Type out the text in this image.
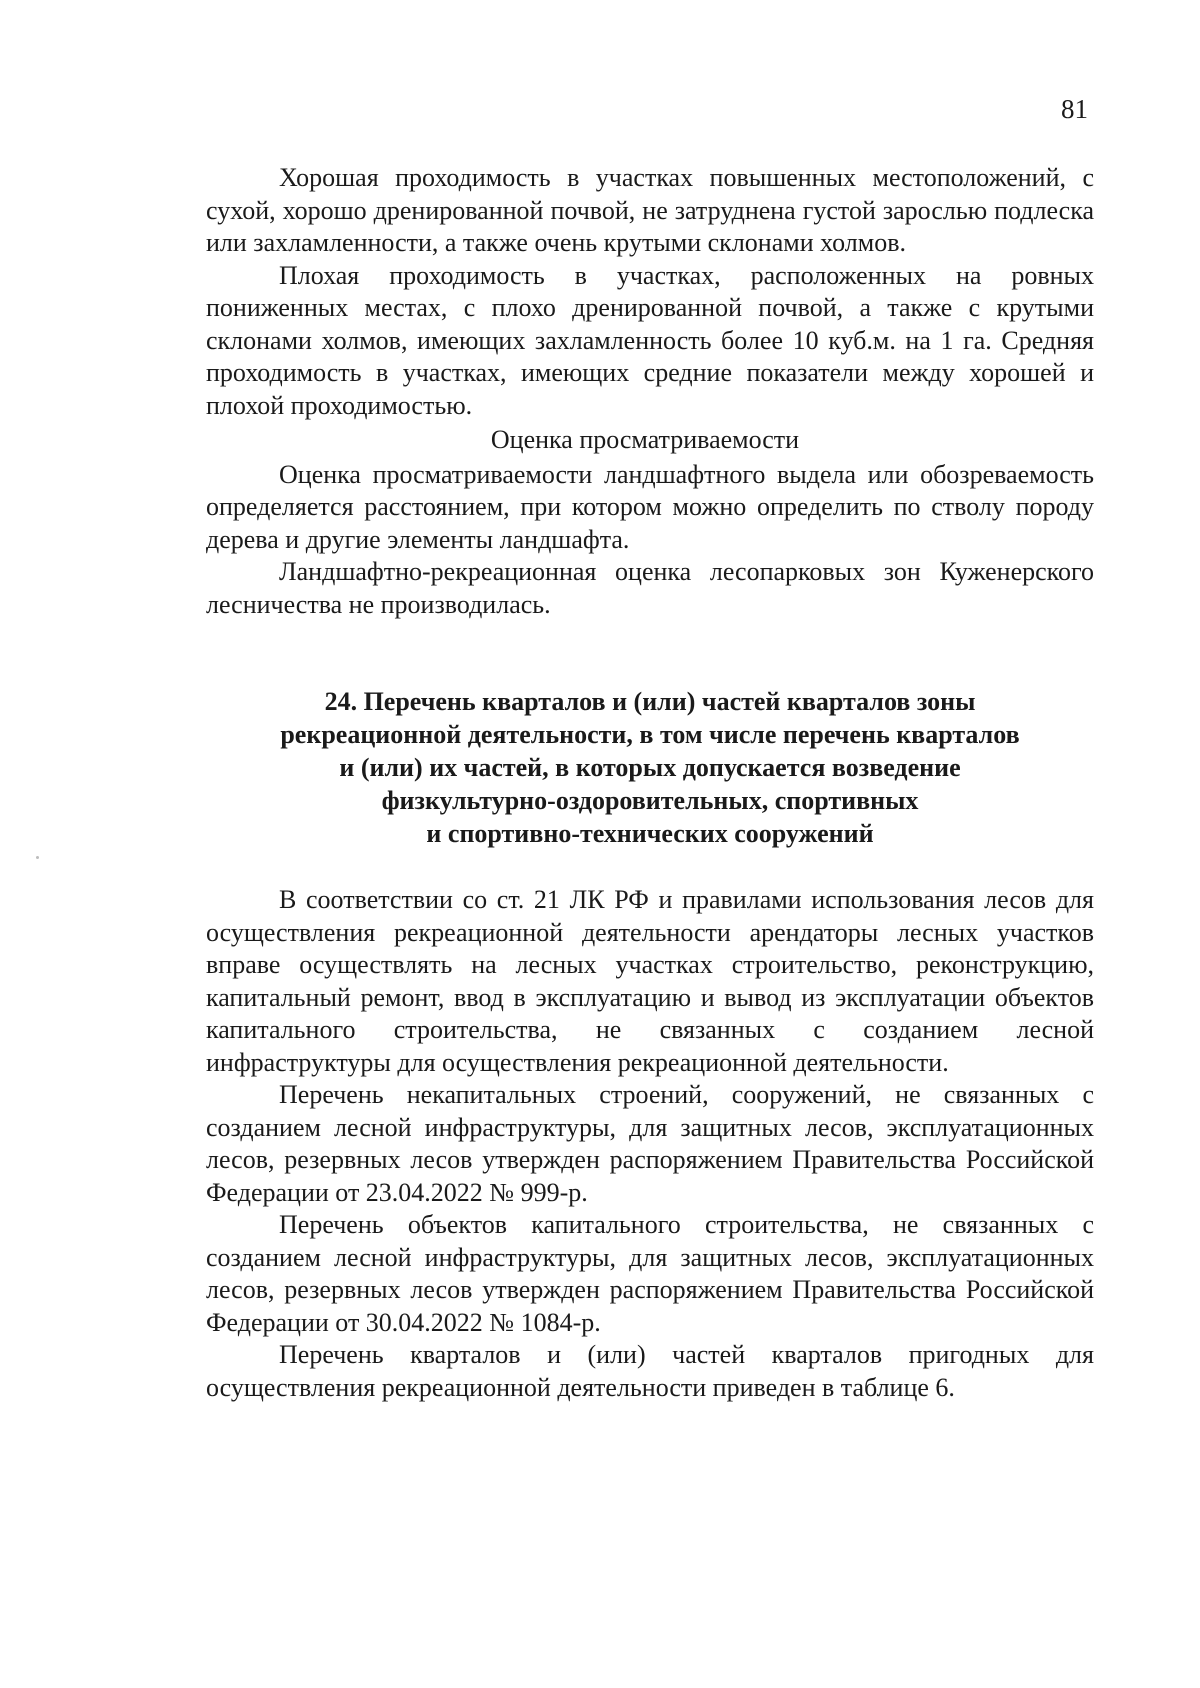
81

Хорошая проходимость в участках повышенных местоположений, с сухой, хорошо дренированной почвой, не затруднена густой зарослью подлеска или захламленности, а также очень крутыми склонами холмов.

Плохая проходимость в участках, расположенных на ровных пониженных местах, с плохо дренированной почвой, а также с крутыми склонами холмов, имеющих захламленность более 10 куб.м. на 1 га. Средняя проходимость в участках, имеющих средние показатели между хорошей и плохой проходимостью.

Оценка просматриваемости

Оценка просматриваемости ландшафтного выдела или обозреваемость определяется расстоянием, при котором можно определить по стволу породу дерева и другие элементы ландшафта.

Ландшафтно-рекреационная оценка лесопарковых зон Куженерского лесничества не производилась.

24. Перечень кварталов и (или) частей кварталов зоны
рекреационной деятельности, в том числе перечень кварталов
и (или) их частей, в которых допускается возведение
физкультурно-оздоровительных, спортивных
и спортивно-технических сооружений

В соответствии со ст. 21 ЛК РФ и правилами использования лесов для осуществления рекреационной деятельности арендаторы лесных участков вправе осуществлять на лесных участках строительство, реконструкцию, капитальный ремонт, ввод в эксплуатацию и вывод из эксплуатации объектов капитального строительства, не связанных с созданием лесной инфраструктуры для осуществления рекреационной деятельности.

Перечень некапитальных строений, сооружений, не связанных с созданием лесной инфраструктуры, для защитных лесов, эксплуатационных лесов, резервных лесов утвержден распоряжением Правительства Российской Федерации от 23.04.2022 № 999-р.

Перечень объектов капитального строительства, не связанных с созданием лесной инфраструктуры, для защитных лесов, эксплуатационных лесов, резервных лесов утвержден распоряжением Правительства Российской Федерации от 30.04.2022 № 1084-р.

Перечень кварталов и (или) частей кварталов пригодных для осуществления рекреационной деятельности приведен в таблице 6.
